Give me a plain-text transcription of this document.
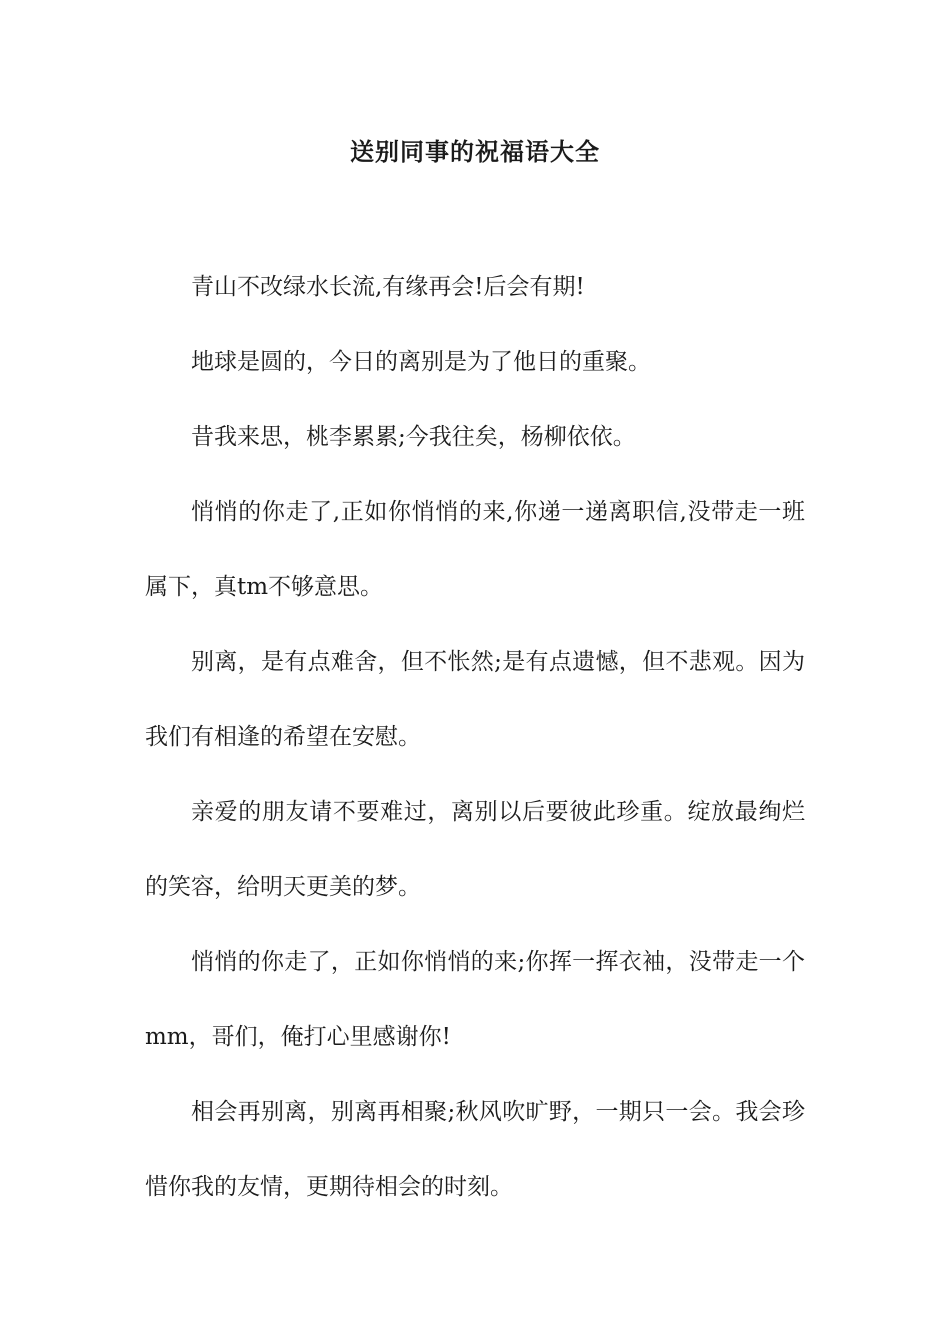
送别同事的祝福语大全

青山不改绿水长流,有缘再会!后会有期!

地球是圆的，今日的离别是为了他日的重聚。

昔我来思，桃李累累;今我往矣，杨柳依依。

悄悄的你走了,正如你悄悄的来,你递一递离职信,没带走一班属下，真tm不够意思。

别离，是有点难舍，但不怅然;是有点遗憾，但不悲观。因为我们有相逢的希望在安慰。

亲爱的朋友请不要难过，离别以后要彼此珍重。绽放最绚烂的笑容，给明天更美的梦。

悄悄的你走了，正如你悄悄的来;你挥一挥衣袖，没带走一个mm，哥们，俺打心里感谢你!

相会再别离，别离再相聚;秋风吹旷野，一期只一会。我会珍惜你我的友情，更期待相会的时刻。
